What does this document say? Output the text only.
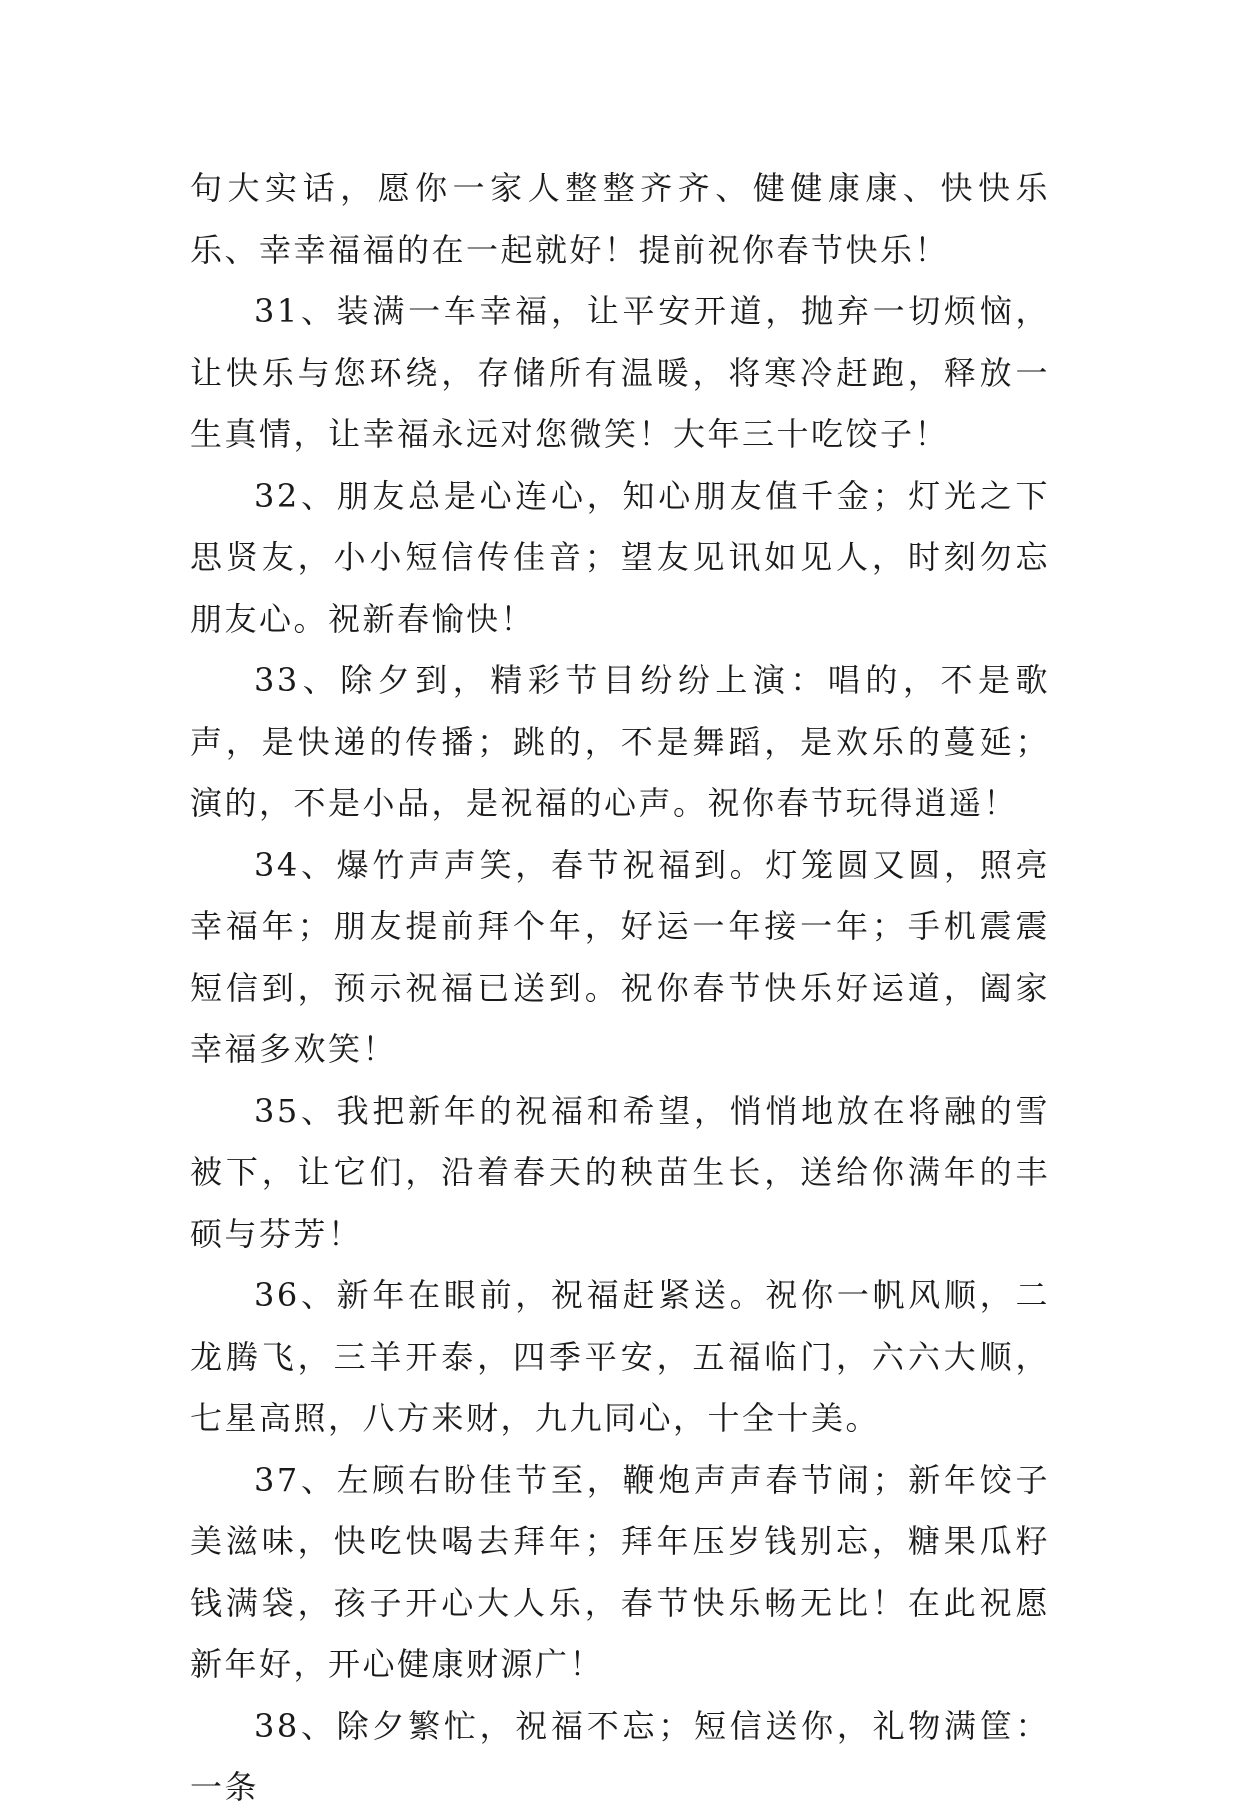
句大实话，愿你一家人整整齐齐、健健康康、快快乐乐、幸幸福福的在一起就好！提前祝你春节快乐！

31、装满一车幸福，让平安开道，抛弃一切烦恼，让快乐与您环绕，存储所有温暖，将寒冷赶跑，释放一生真情，让幸福永远对您微笑！大年三十吃饺子！

32、朋友总是心连心，知心朋友值千金；灯光之下思贤友，小小短信传佳音；望友见讯如见人，时刻勿忘朋友心。祝新春愉快！

33、除夕到，精彩节目纷纷上演：唱的，不是歌声，是快递的传播；跳的，不是舞蹈，是欢乐的蔓延；演的，不是小品，是祝福的心声。祝你春节玩得逍遥！

34、爆竹声声笑，春节祝福到。灯笼圆又圆，照亮幸福年；朋友提前拜个年，好运一年接一年；手机震震短信到，预示祝福已送到。祝你春节快乐好运道，阖家幸福多欢笑！

35、我把新年的祝福和希望，悄悄地放在将融的雪被下，让它们，沿着春天的秧苗生长，送给你满年的丰硕与芬芳！

36、新年在眼前，祝福赶紧送。祝你一帆风顺，二龙腾飞，三羊开泰，四季平安，五福临门，六六大顺，七星高照，八方来财，九九同心，十全十美。

37、左顾右盼佳节至，鞭炮声声春节闹；新年饺子美滋味，快吃快喝去拜年；拜年压岁钱别忘，糖果瓜籽钱满袋，孩子开心大人乐，春节快乐畅无比！在此祝愿新年好，开心健康财源广！

38、除夕繁忙，祝福不忘；短信送你，礼物满筐：一条
